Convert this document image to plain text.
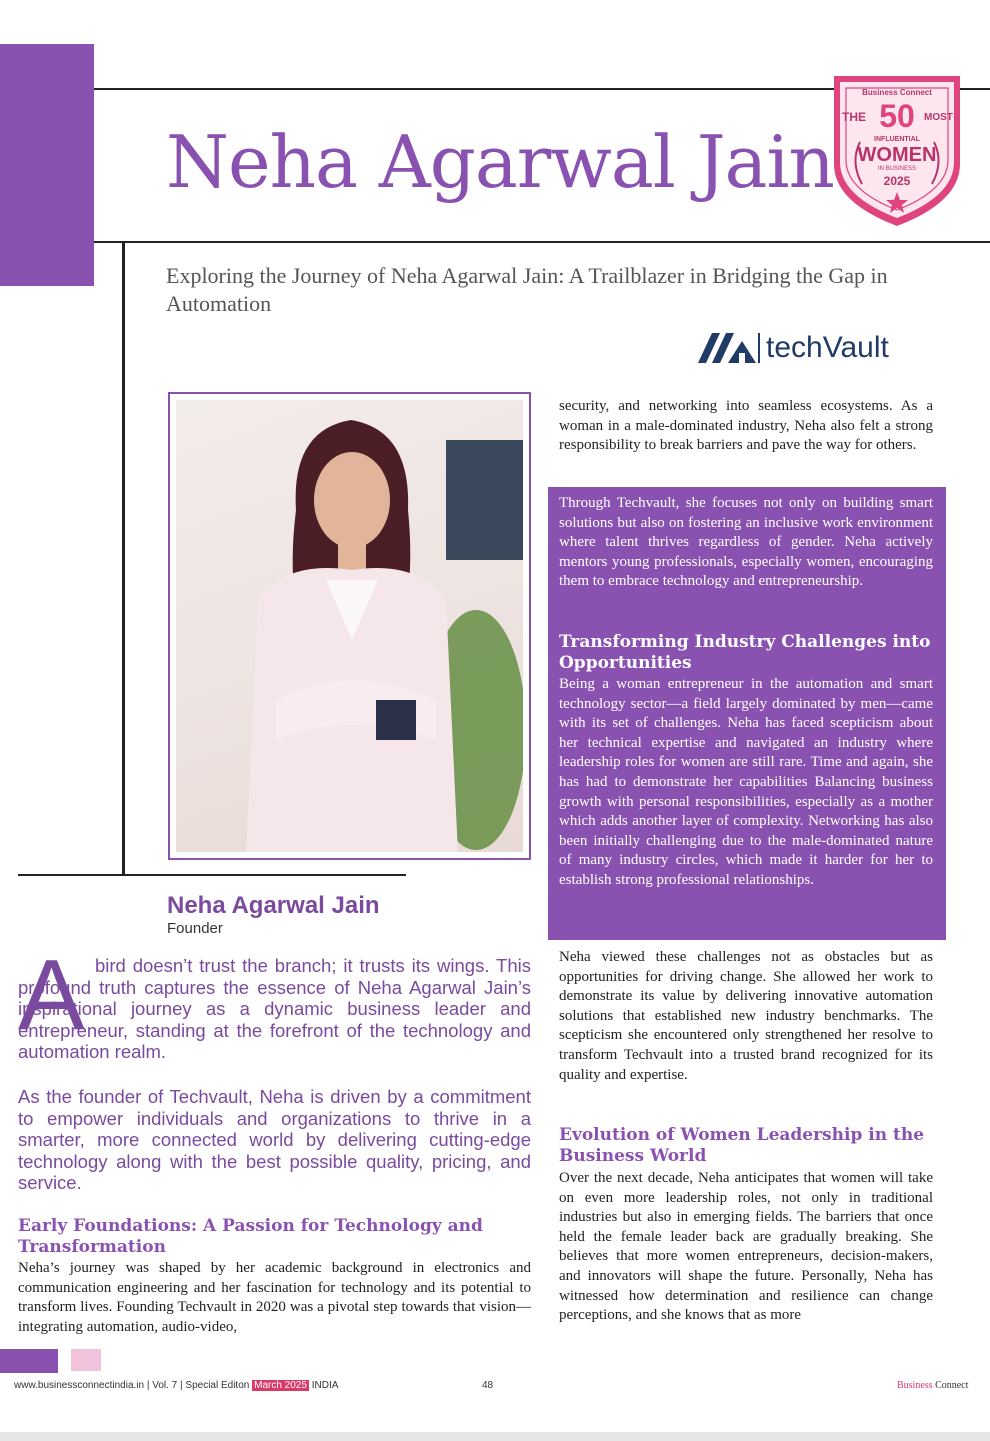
Neha Agarwal Jain
Business Connect
THE 50 MOST
INFLUENTIAL
WOMEN
IN BUSINESS
2025
Exploring the Journey of Neha Agarwal Jain: A Trailblazer in Bridging the Gap in Automation
techVault
Neha Agarwal Jain
Founder
A bird doesn’t trust the branch; it trusts its wings. This profound truth captures the essence of Neha Agarwal Jain’s inspirational journey as a dynamic business leader and entrepreneur, standing at the forefront of the technology and automation realm.
As the founder of Techvault, Neha is driven by a commitment to empower individuals and organizations to thrive in a smarter, more connected world by delivering cutting-edge technology along with the best possible quality, pricing, and service.
Early Foundations: A Passion for Technology and Transformation
Neha’s journey was shaped by her academic background in electronics and communication engineering and her fascination for technology and its potential to transform lives. Founding Techvault in 2020 was a pivotal step towards that vision—integrating automation, audio-video,
security, and networking into seamless ecosystems. As a woman in a male-dominated industry, Neha also felt a strong responsibility to break barriers and pave the way for others.
Through Techvault, she focuses not only on building smart solutions but also on fostering an inclusive work environment where talent thrives regardless of gender. Neha actively mentors young professionals, especially women, encouraging them to embrace technology and entrepreneurship.
Transforming Industry Challenges into Opportunities
Being a woman entrepreneur in the automation and smart technology sector—a field largely dominated by men—came with its set of challenges. Neha has faced scepticism about her technical expertise and navigated an industry where leadership roles for women are still rare. Time and again, she has had to demonstrate her capabilities Balancing business growth with personal responsibilities, especially as a mother which adds another layer of complexity. Networking has also been initially challenging due to the male-dominated nature of many industry circles, which made it harder for her to establish strong professional relationships.
Neha viewed these challenges not as obstacles but as opportunities for driving change. She allowed her work to demonstrate its value by delivering innovative automation solutions that established new industry benchmarks. The scepticism she encountered only strengthened her resolve to transform Techvault into a trusted brand recognized for its quality and expertise.
Evolution of Women Leadership in the Business World
Over the next decade, Neha anticipates that women will take on even more leadership roles, not only in traditional industries but also in emerging fields. The barriers that once held the female leader back are gradually breaking. She believes that more women entrepreneurs, decision-makers, and innovators will shape the future. Personally, Neha has witnessed how determination and resilience can change perceptions, and she knows that as more
www.businessconnectindia.in | Vol. 7 | Special Editon March 2025 INDIA	48	Business Connect
